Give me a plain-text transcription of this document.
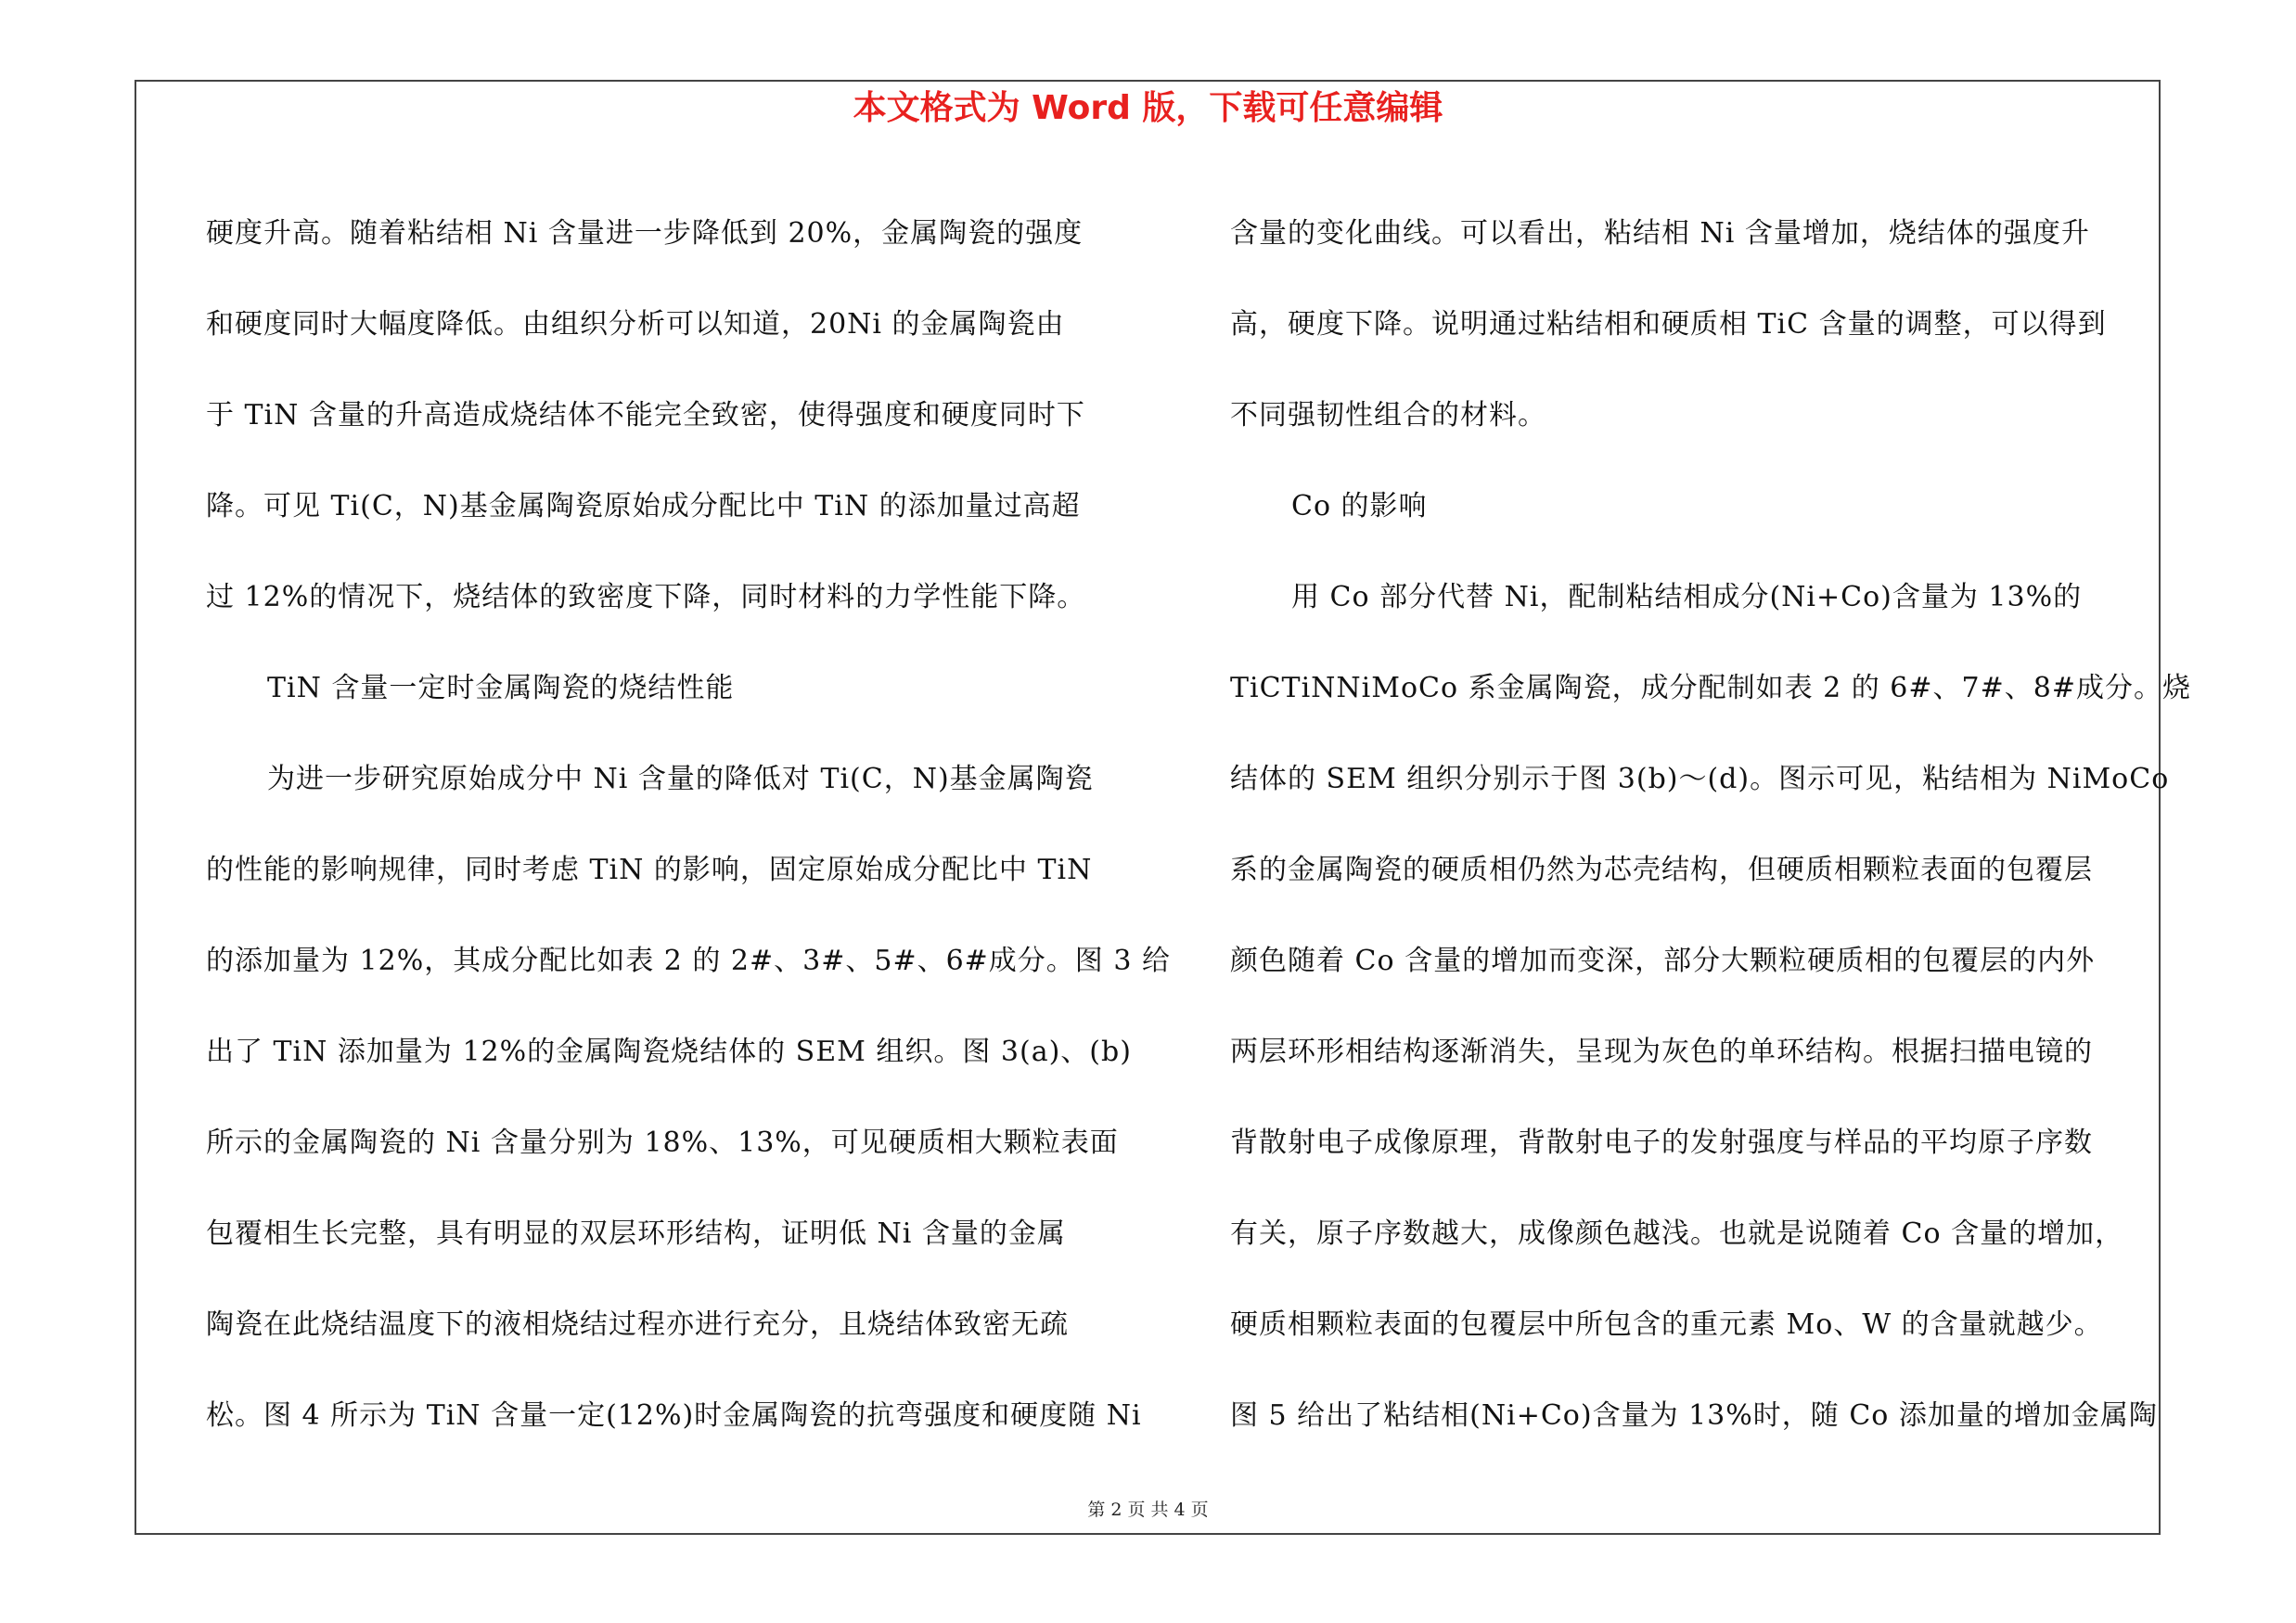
本文格式为 Word 版，下载可任意编辑
硬度升高。随着粘结相 Ni 含量进一步降低到 20%，金属陶瓷的强度
和硬度同时大幅度降低。由组织分析可以知道，20Ni 的金属陶瓷由
于 TiN 含量的升高造成烧结体不能完全致密，使得强度和硬度同时下
降。可见 Ti(C，N)基金属陶瓷原始成分配比中 TiN 的添加量过高超
过 12%的情况下，烧结体的致密度下降，同时材料的力学性能下降。
TiN 含量一定时金属陶瓷的烧结性能
为进一步研究原始成分中 Ni 含量的降低对 Ti(C，N)基金属陶瓷
的性能的影响规律，同时考虑 TiN 的影响，固定原始成分配比中 TiN
的添加量为 12%，其成分配比如表 2 的 2#、3#、5#、6#成分。图 3 给
出了 TiN 添加量为 12%的金属陶瓷烧结体的 SEM 组织。图 3(a)、(b)
所示的金属陶瓷的 Ni 含量分别为 18%、13%，可见硬质相大颗粒表面
包覆相生长完整，具有明显的双层环形结构，证明低 Ni 含量的金属
陶瓷在此烧结温度下的液相烧结过程亦进行充分，且烧结体致密无疏
松。图 4 所示为 TiN 含量一定(12%)时金属陶瓷的抗弯强度和硬度随 Ni
含量的变化曲线。可以看出，粘结相 Ni 含量增加，烧结体的强度升
高，硬度下降。说明通过粘结相和硬质相 TiC 含量的调整，可以得到
不同强韧性组合的材料。
Co 的影响
用 Co 部分代替 Ni，配制粘结相成分(Ni+Co)含量为 13%的
TiCTiNNiMoCo 系金属陶瓷，成分配制如表 2 的 6#、7#、8#成分。烧
结体的 SEM 组织分别示于图 3(b)～(d)。图示可见，粘结相为 NiMoCo
系的金属陶瓷的硬质相仍然为芯壳结构，但硬质相颗粒表面的包覆层
颜色随着 Co 含量的增加而变深，部分大颗粒硬质相的包覆层的内外
两层环形相结构逐渐消失，呈现为灰色的单环结构。根据扫描电镜的
背散射电子成像原理，背散射电子的发射强度与样品的平均原子序数
有关，原子序数越大，成像颜色越浅。也就是说随着 Co 含量的增加，
硬质相颗粒表面的包覆层中所包含的重元素 Mo、W 的含量就越少。
图 5 给出了粘结相(Ni+Co)含量为 13%时，随 Co 添加量的增加金属陶
第 2 页 共 4 页
